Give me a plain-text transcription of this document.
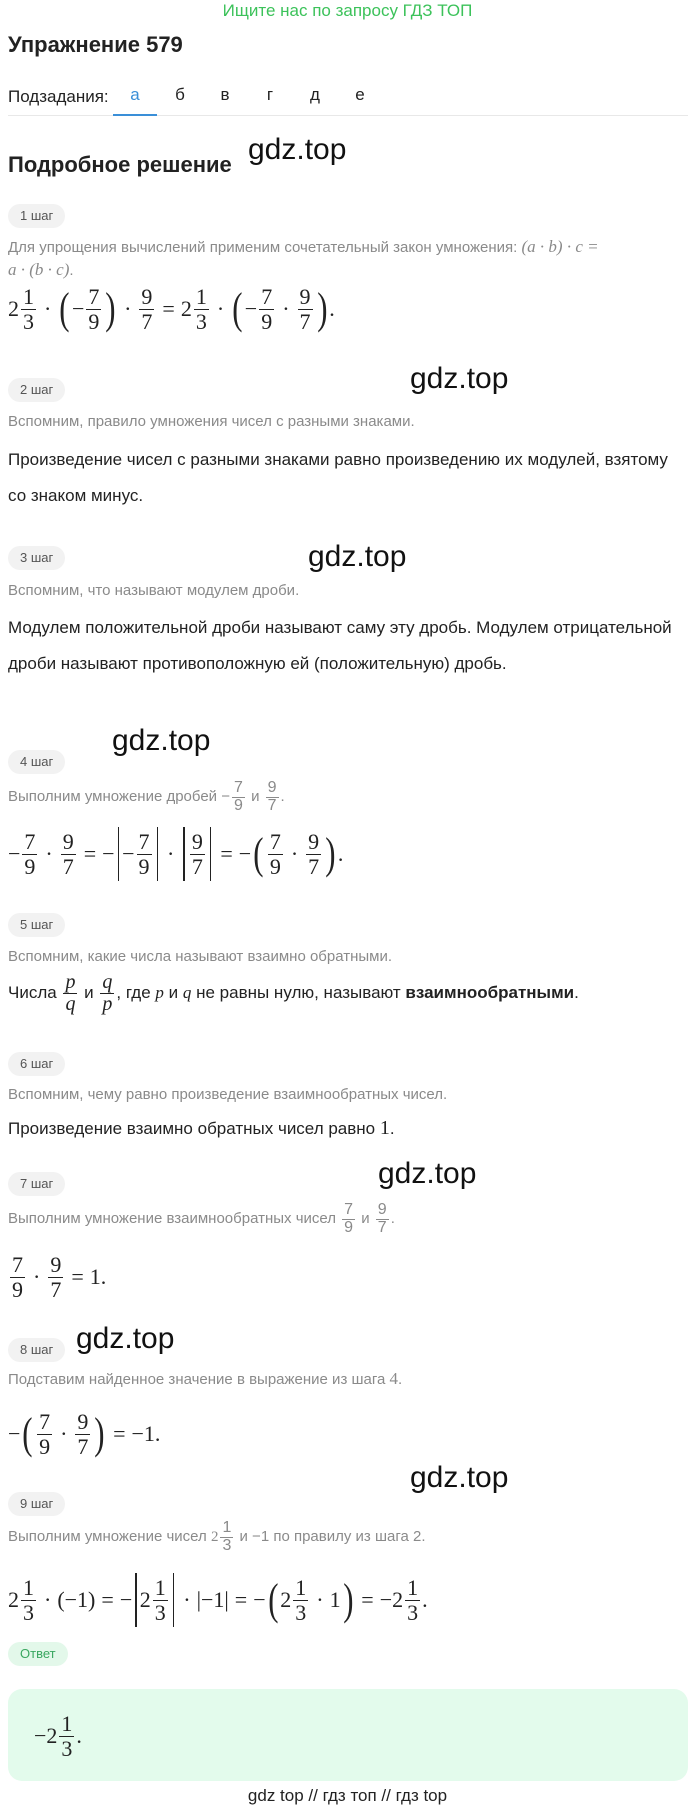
Ищите нас по запросу ГДЗ ТОП
Упражнение 579
Подзадания:	а	б	в	г	д	е
Подробное решение gdz.top
gdz.top
gdz.top
gdz.top
gdz.top
gdz.top
gdz.top
1 шаг
Для упрощения вычислений применим сочетательный закон умножения: (a · b) · c =
a · (b · c).
$2 \frac{1}{3}$ · ( − $\frac{7}{9}$ ) · $\frac{9}{7} = 2 \frac{1}{3}$ · ( − $\frac{7}{9} \cdot \frac{9}{7}$ ) .
2 шаг
Вспомним, правило умножения чисел с разными знаками.
Произведение чисел с разными знаками равно произведению их модулей, взятому со знаком минус.
3 шаг
Вспомним, что называют модулем дроби.
Модулем положительной дроби называют саму эту дробь. Модулем отрицательной дроби называют противоположную ей (положительную) дробь.
4 шаг
Выполним умножение дробей
− $\frac{7}{9}$ и $\frac{9}{7}$ .
− $\frac{7}{9} \cdot \frac{9}{7}$ = − − $\frac{7}{9} \cdot \frac{9}{7}$ = − ( $\frac{7}{9} \cdot \frac{9}{7}$ ) .
5 шаг
Вспомним, какие числа называют взаимно обратными.
Числа
$\frac{p}{q}$
и
$\frac{q}{p}$ , где
p и q
не равны нулю, называют
взаимнообратными .
6 шаг
Вспомним, чему равно произведение взаимнообратных чисел.
Произведение взаимно обратных чисел равно 1.
7 шаг
Выполним умножение взаимнообратных чисел
$\frac{7}{9}$ и $\frac{9}{7}$ .
$\frac{7}{9} \cdot \frac{9}{7} = 1$.
8 шаг
Подставим найденное значение в выражение из шага 4.
− ( $\frac{7}{9} \cdot \frac{9}{7}$ ) = −1.
9 шаг
Выполним умножение чисел
$2 \frac{1}{3}$ и −1 по правилу из шага 2.
$2 \frac{1}{3} \cdot (-1)$ = − $2 \frac{1}{3} \cdot |-1|$ = − ( $2 \frac{1}{3} \cdot 1$ ) = $-2 \frac{1}{3}$ .
Ответ
$-2 \frac{1}{3}$ .
gdz top // гдз топ // гдз top
